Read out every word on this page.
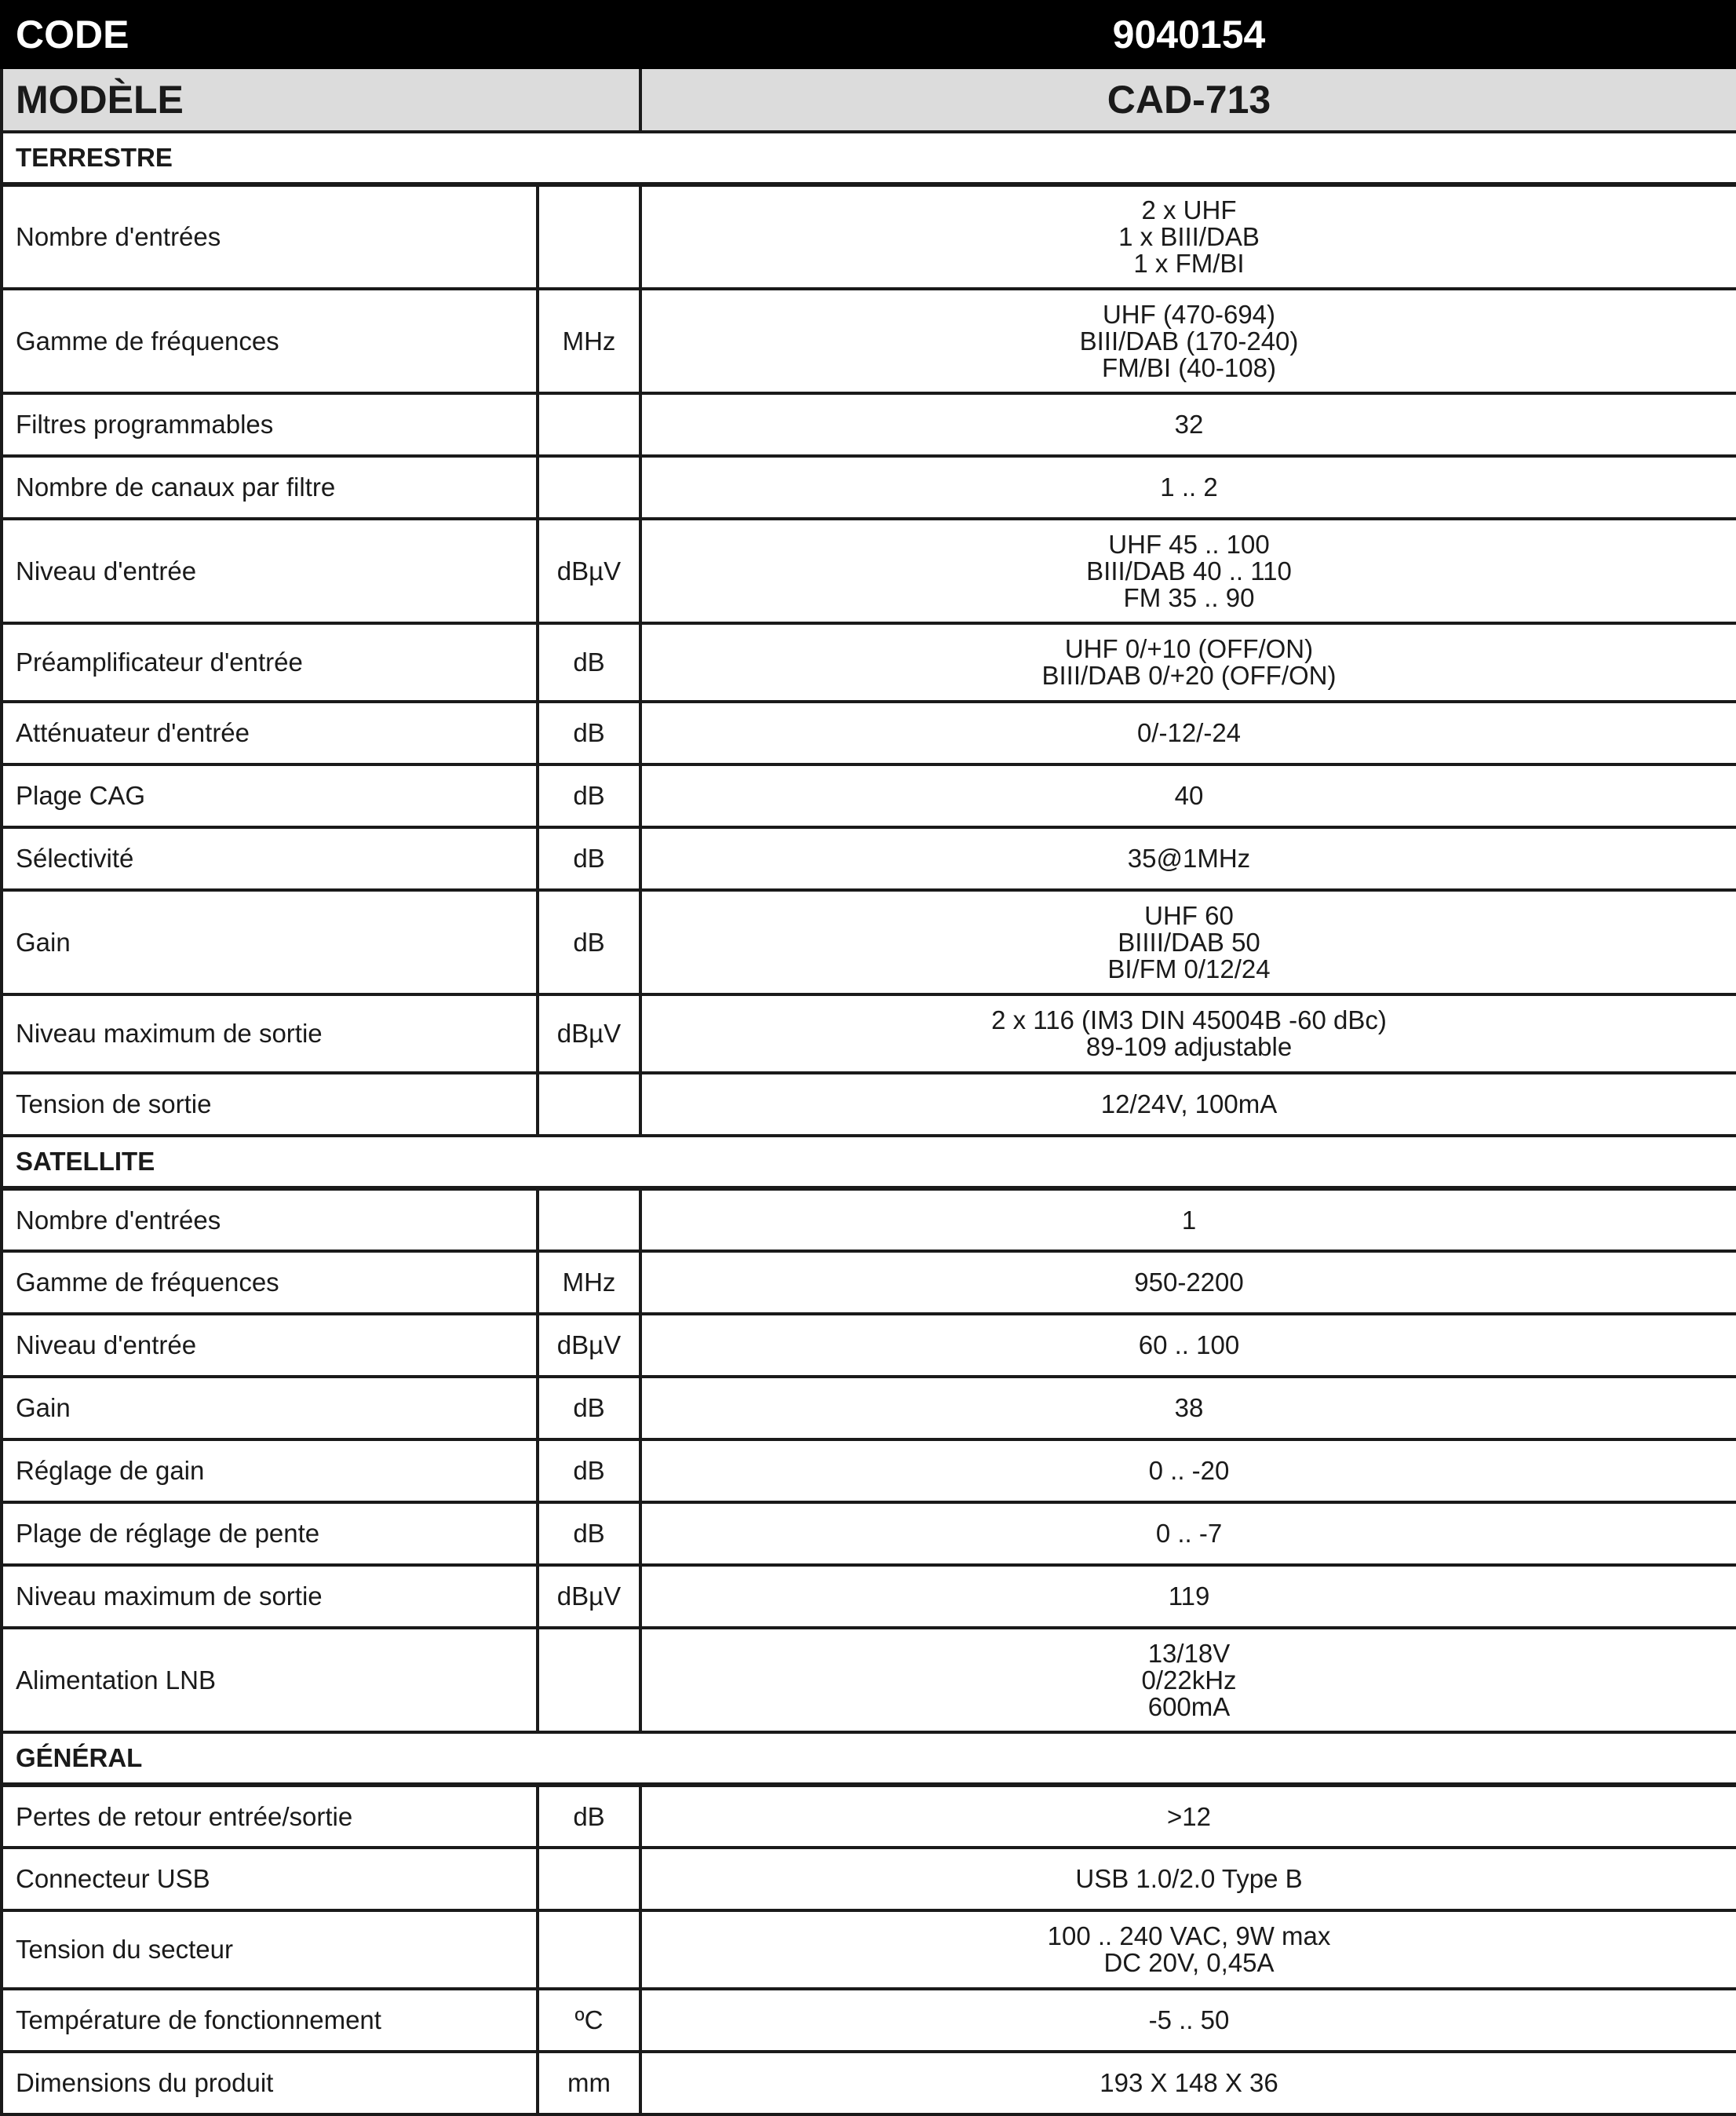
CODE		9040154
MODÈLE		CAD-713
TERRESTRE		
Nombre d'entrées		2 x UHF
1 x BIII/DAB
1 x FM/BI

Gamme de fréquences	MHz	UHF (470-694)
BIII/DAB (170-240)
FM/BI (40-108)

Filtres programmables		32

Nombre de canaux par filtre		1 .. 2

Niveau d'entrée	dBµV	UHF 45 .. 100
BIII/DAB 40 .. 110
FM 35 .. 90

Préamplificateur d'entrée	dB	UHF 0/+10 (OFF/ON)
BIII/DAB 0/+20 (OFF/ON)

Atténuateur d'entrée	dB	0/-12/-24

Plage CAG	dB	40

Sélectivité	dB	35@1MHz

Gain	dB	UHF 60
BIIII/DAB 50
BI/FM 0/12/24

Niveau maximum de sortie	dBµV	2 x 116 (IM3 DIN 45004B -60 dBc)
89-109 adjustable

Tension de sortie		12/24V, 100mA

SATELLITE		
Nombre d'entrées		1

Gamme de fréquences	MHz	950-2200

Niveau d'entrée	dBµV	60 .. 100

Gain	dB	38

Réglage de gain	dB	0 .. -20

Plage de réglage de pente	dB	0 .. -7

Niveau maximum de sortie	dBµV	119

Alimentation LNB		13/18V
0/22kHz
600mA

GÉNÉRAL		
Pertes de retour entrée/sortie	dB	>12

Connecteur USB		USB 1.0/2.0 Type B

Tension du secteur		100 .. 240 VAC, 9W max
DC 20V, 0,45A

Température de fonctionnement	ºC	-5 .. 50

Dimensions du produit	mm	193 X 148 X 36
